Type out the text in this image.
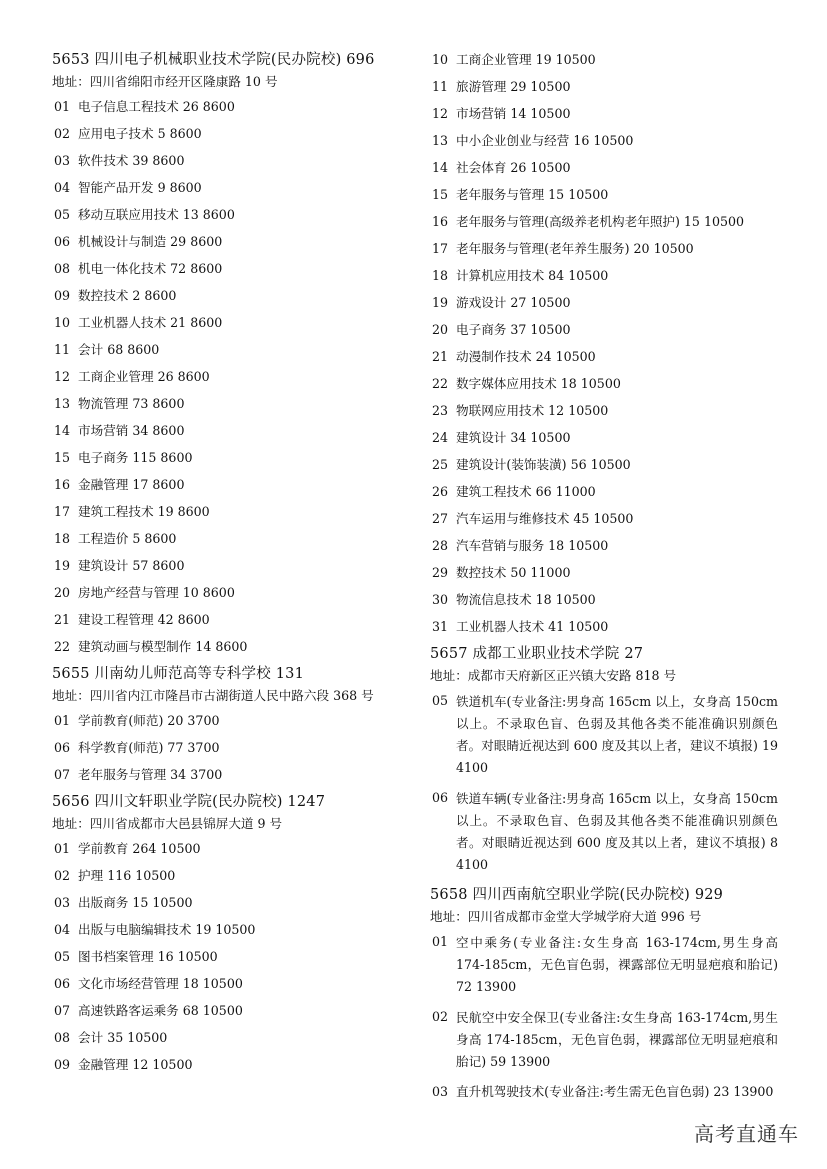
5653 四川电子机械职业技术学院(民办院校) 696
地址：四川省绵阳市经开区隆康路 10 号
01 电子信息工程技术 26 8600
02 应用电子技术 5 8600
03 软件技术 39 8600
04 智能产品开发 9 8600
05 移动互联应用技术 13 8600
06 机械设计与制造 29 8600
08 机电一体化技术 72 8600
09 数控技术 2 8600
10 工业机器人技术 21 8600
11 会计 68 8600
12 工商企业管理 26 8600
13 物流管理 73 8600
14 市场营销 34 8600
15 电子商务 115 8600
16 金融管理 17 8600
17 建筑工程技术 19 8600
18 工程造价 5 8600
19 建筑设计 57 8600
20 房地产经营与管理 10 8600
21 建设工程管理 42 8600
22 建筑动画与模型制作 14 8600
5655 川南幼儿师范高等专科学校 131
地址：四川省内江市隆昌市古湖街道人民中路六段 368 号
01 学前教育(师范) 20 3700
06 科学教育(师范) 77 3700
07 老年服务与管理 34 3700
5656 四川文轩职业学院(民办院校) 1247
地址：四川省成都市大邑县锦屏大道 9 号
01 学前教育 264 10500
02 护理 116 10500
03 出版商务 15 10500
04 出版与电脑编辑技术 19 10500
05 图书档案管理 16 10500
06 文化市场经营管理 18 10500
07 高速铁路客运乘务 68 10500
08 会计 35 10500
09 金融管理 12 10500
10 工商企业管理 19 10500
11 旅游管理 29 10500
12 市场营销 14 10500
13 中小企业创业与经营 16 10500
14 社会体育 26 10500
15 老年服务与管理 15 10500
16 老年服务与管理(高级养老机构老年照护) 15 10500
17 老年服务与管理(老年养生服务) 20 10500
18 计算机应用技术 84 10500
19 游戏设计 27 10500
20 电子商务 37 10500
21 动漫制作技术 24 10500
22 数字媒体应用技术 18 10500
23 物联网应用技术 12 10500
24 建筑设计 34 10500
25 建筑设计(装饰装潢) 56 10500
26 建筑工程技术 66 11000
27 汽车运用与维修技术 45 10500
28 汽车营销与服务 18 10500
29 数控技术 50 11000
30 物流信息技术 18 10500
31 工业机器人技术 41 10500
5657 成都工业职业技术学院 27
地址：成都市天府新区正兴镇大安路 818 号
05 铁道机车(专业备注:男身高 165cm 以上，女身高 150cm 以上。不录取色盲、色弱及其他各类不能准确识别颜色者。对眼睛近视达到 600 度及其以上者，建议不填报) 19 4100
06 铁道车辆(专业备注:男身高 165cm 以上，女身高 150cm 以上。不录取色盲、色弱及其他各类不能准确识别颜色者。对眼睛近视达到 600 度及其以上者，建议不填报) 8 4100
5658 四川西南航空职业学院(民办院校) 929
地址：四川省成都市金堂大学城学府大道 996 号
01 空中乘务(专业备注:女生身高 163-174cm,男生身高 174-185cm，无色盲色弱，裸露部位无明显疤痕和胎记) 72 13900
02 民航空中安全保卫(专业备注:女生身高 163-174cm,男生身高 174-185cm，无色盲色弱，裸露部位无明显疤痕和胎记) 59 13900
03 直升机驾驶技术(专业备注:考生需无色盲色弱) 23 13900
高考直通车
